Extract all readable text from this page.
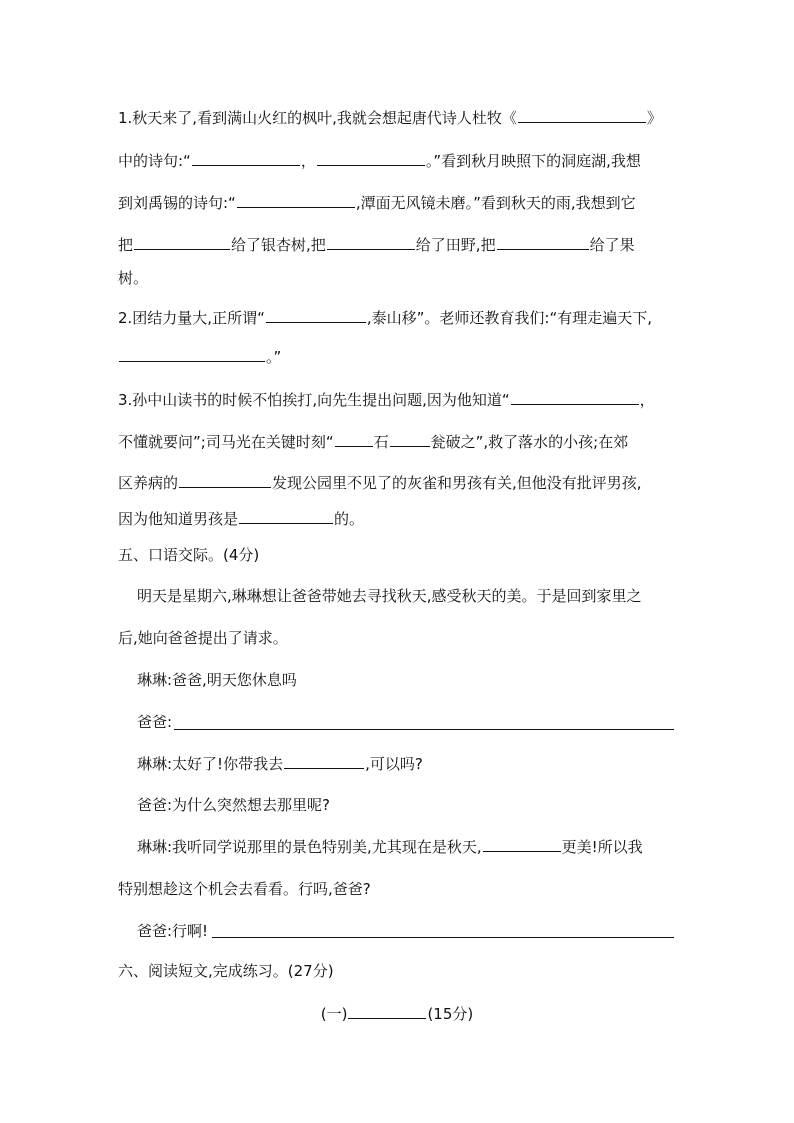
1.秋天来了,看到满山火红的枫叶,我就会想起唐代诗人杜牧《	》
中的诗句:“	，	。”看到秋月映照下的洞庭湖,我想
到刘禹锡的诗句:“	,潭面无风镜未磨。”看到秋天的雨,我想到它
把	给了银杏树,把	给了田野,把	给了果
树。
2.团结力量大,正所谓“	,泰山移”。老师还教育我们:“有理走遍天下,
。”
3.孙中山读书的时候不怕挨打,向先生提出问题,因为他知道“	，
不懂就要问”;司马光在关键时刻“	石	瓮破之”,救了落水的小孩;在郊
区养病的	发现公园里不见了的灰雀和男孩有关,但他没有批评男孩,
因为他知道男孩是	的。
五、口语交际。(4分)
明天是星期六,琳琳想让爸爸带她去寻找秋天,感受秋天的美。于是回到家里之
后,她向爸爸提出了请求。
琳琳:爸爸,明天您休息吗
爸爸:
琳琳:太好了!你带我去	,可以吗?
爸爸:为什么突然想去那里呢?
琳琳:我听同学说那里的景色特别美,尤其现在是秋天,	更美!所以我
特别想趁这个机会去看看。行吗,爸爸?
爸爸:行啊!
六、阅读短文,完成练习。(27分)
(一)	(15分)
